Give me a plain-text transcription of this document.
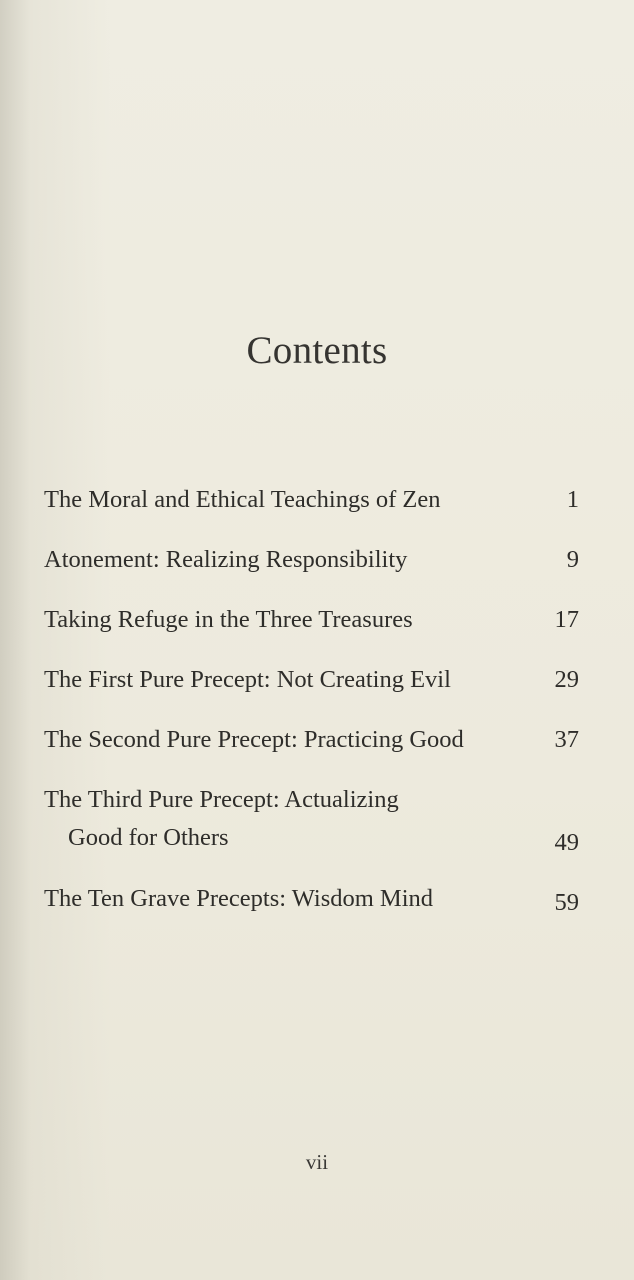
Contents
The Moral and Ethical Teachings of Zen	1
Atonement: Realizing Responsibility	9
Taking Refuge in the Three Treasures	17
The First Pure Precept: Not Creating Evil	29
The Second Pure Precept: Practicing Good	37
The Third Pure Precept: Actualizing
Good for Others	49
The Ten Grave Precepts: Wisdom Mind	59
vii
